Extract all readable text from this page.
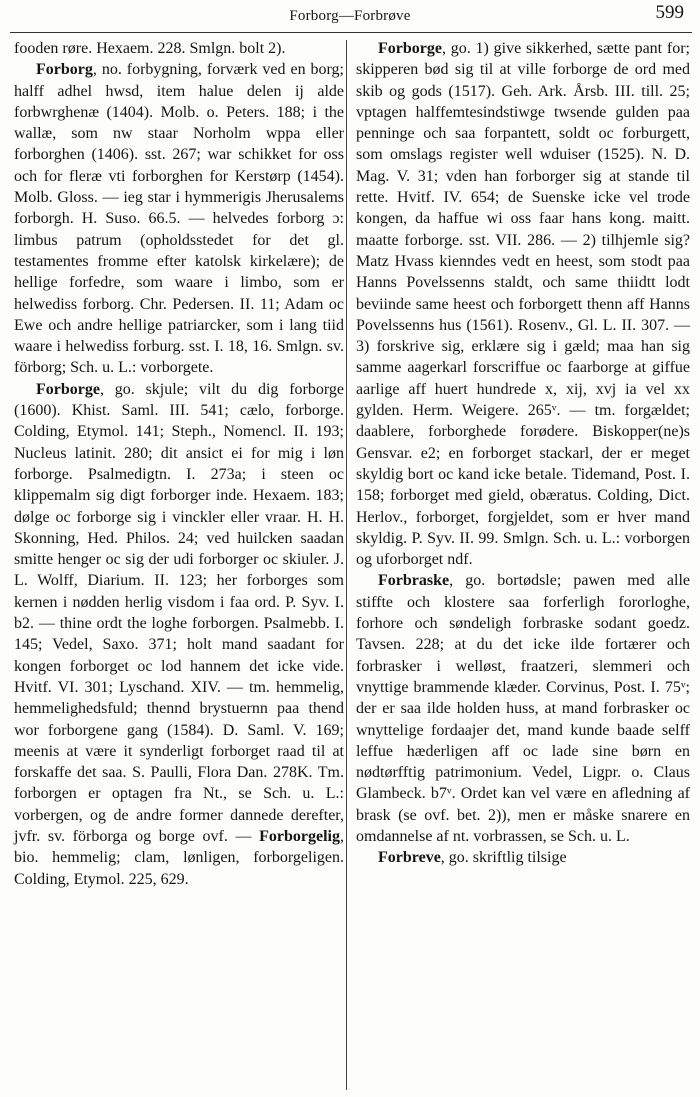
Forborg—Forbrøve	599

fooden røre. Hexaem. 228. Smlgn. bolt 2).

Forborg, no. forbygning, forværk ved en borg; halff adhel hwsd, item halue delen ij alde forbwrghenæ (1404). Molb. o. Peters. 188; i the wallæ, som nw staar Norholm wppa eller forborghen (1406). sst. 267; war schikket for oss och for fleræ vti forborghen for Kerstørp (1454). Molb. Gloss. — ieg star i hymmerigis Jherusalems forborgh. H. Suso. 66.5. — helvedes forborg ɔ: limbus patrum (opholdsstedet for det gl. testamentes fromme efter katolsk kirkelære); de hellige forfedre, som waare i limbo, som er helwediss forborg. Chr. Pedersen. II. 11; Adam oc Ewe och andre hellige patriarcker, som i lang tiid waare i helwediss forburg. sst. I. 18, 16. Smlgn. sv. förborg; Sch. u. L.: vorborgete.

Forborge, go. skjule; vilt du dig forborge (1600). Khist. Saml. III. 541; cælo, forborge. Colding, Etymol. 141; Steph., Nomencl. II. 193; Nucleus latinit. 280; dit ansict ei for mig i løn forborge. Psalmedigtn. I. 273a; i steen oc klippemalm sig digt forborger inde. Hexaem. 183; dølge oc forborge sig i vinckler eller vraar. H. H. Skonning, Hed. Philos. 24; ved huilcken saadan smitte henger oc sig der udi forborger oc skiuler. J. L. Wolff, Diarium. II. 123; her forborges som kernen i nødden herlig visdom i faa ord. P. Syv. I. b2. — thine ordt the loghe forborgen. Psalmebb. I. 145; Vedel, Saxo. 371; holt mand saadant for kongen forborget oc lod hannem det icke vide. Hvitf. VI. 301; Lyschand. XIV. — tm. hemmelig, hemmelighedsfuld; thennd brystuernn paa thend wor forborgene gang (1584). D. Saml. V. 169; meenis at være it synderligt forborget raad til at forskaffe det saa. S. Paulli, Flora Dan. 278K. Tm. forborgen er optagen fra Nt., se Sch. u. L.: vorbergen, og de andre former dannede derefter, jvfr. sv. förborga og borge ovf. — Forborgelig, bio. hemmelig; clam, lønligen, forborgeligen. Colding, Etymol. 225, 629.

Forborge, go. 1) give sikkerhed, sætte pant for; skipperen bød sig til at ville forborge de ord med skib og gods (1517). Geh. Ark. Årsb. III. till. 25; vptagen halffemtesindstiwge twsende gulden paa penninge och saa forpantett, soldt oc forburgett, som omslags register well wduiser (1525). N. D. Mag. V. 31; vden han forborger sig at stande til rette. Hvitf. IV. 654; de Suenske icke vel trode kongen, da haffue wi oss faar hans kong. maitt. maatte forborge. sst. VII. 286. — 2) tilhjemle sig? Matz Hvass kienndes vedt en heest, som stodt paa Hanns Povelssenns staldt, och same thiidtt lodt beviinde same heest och forborgett thenn aff Hanns Povelssenns hus (1561). Rosenv., Gl. L. II. 307. — 3) forskrive sig, erklære sig i gæld; maa han sig samme aagerkarl forscriffue oc faarborge at giffue aarlige aff huert hundrede x, xij, xvj ia vel xx gylden. Herm. Weigere. 265ᵛ. — tm. forgældet; daablere, forborghede forødere. Biskopper(ne)s Gensvar. e2; en forborget stackarl, der er meget skyldig bort oc kand icke betale. Tidemand, Post. I. 158; forborget med gield, obæratus. Colding, Dict. Herlov., forborget, forgjeldet, som er hver mand skyldig. P. Syv. II. 99. Smlgn. Sch. u. L.: vorborgen og uforborget ndf.

Forbraske, go. bortødsle; pawen med alle stiffte och klostere saa forferligh fororloghe, forhore och søndeligh forbraske sodant goedz. Tavsen. 228; at du det icke ilde fortærer och forbrasker i welløst, fraatzeri, slemmeri och vnyttige brammende klæder. Corvinus, Post. I. 75ᵛ; der er saa ilde holden huss, at mand forbrasker oc wnyttelige fordaajer det, mand kunde baade selff leffue hæderligen aff oc lade sine børn en nødtørfftig patrimonium. Vedel, Ligpr. o. Claus Glambeck. b7ᵛ. Ordet kan vel være en afledning af brask (se ovf. bet. 2)), men er måske snarere en omdannelse af nt. vorbrassen, se Sch. u. L.

Forbreve, go. skriftlig tilsige
